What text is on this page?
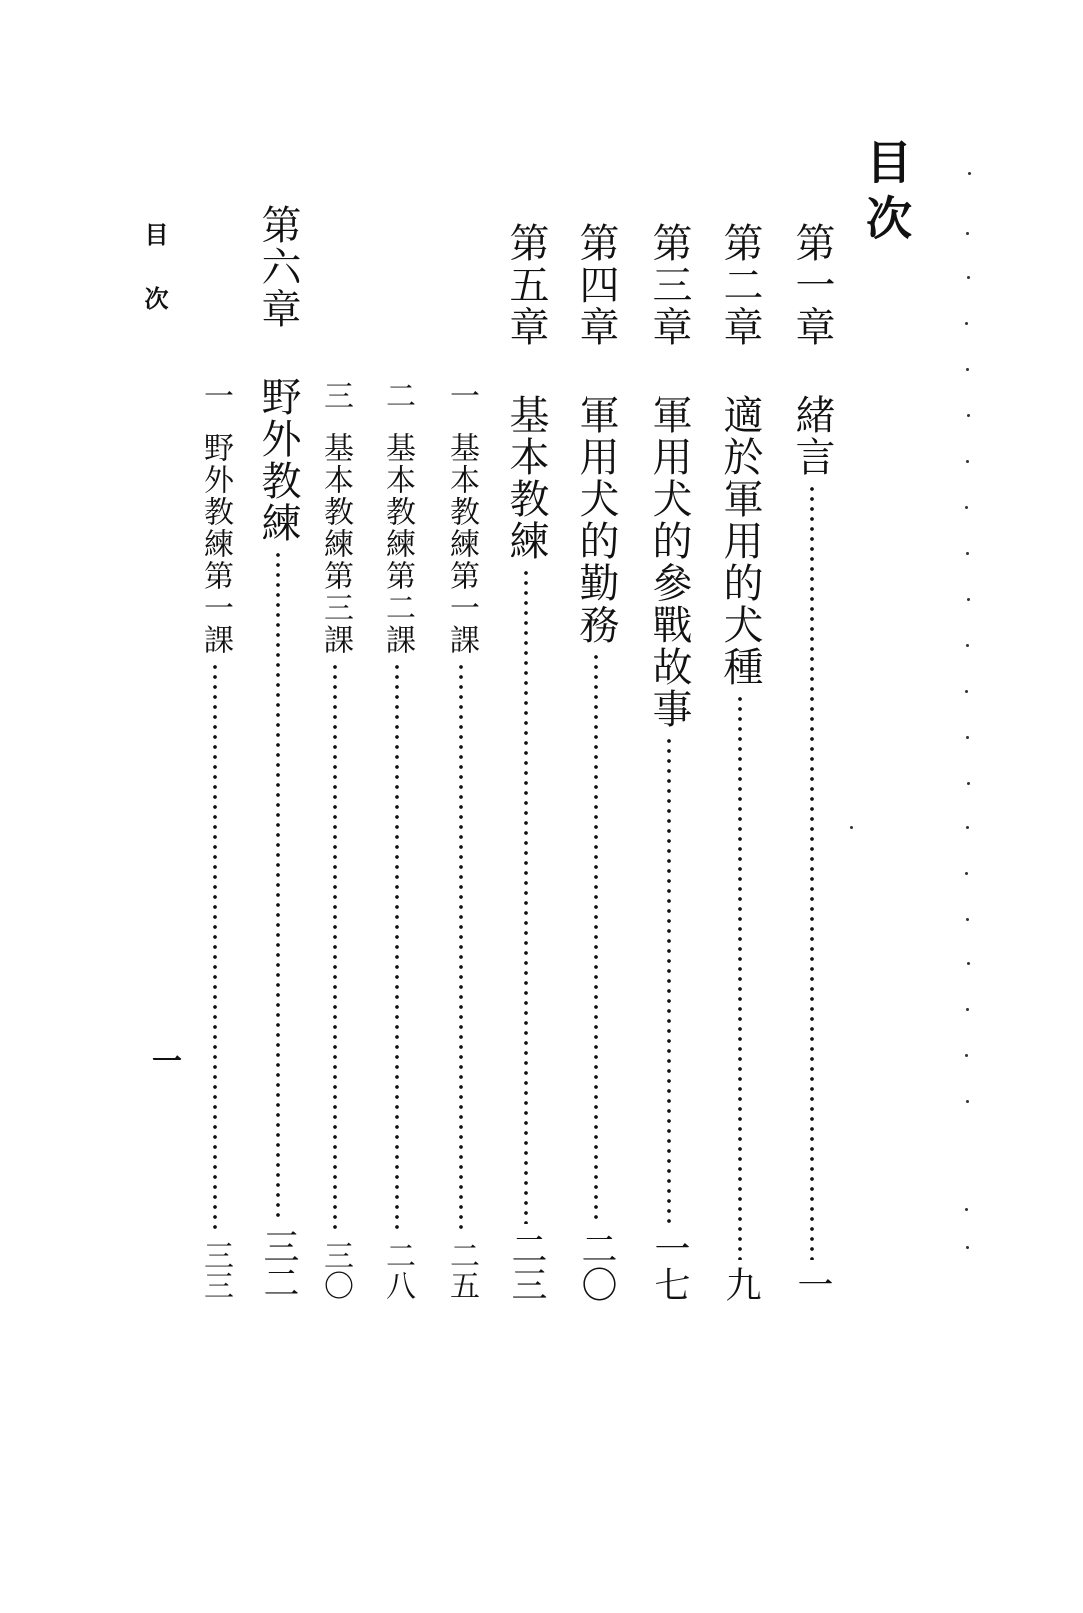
目次
第一章
緒言
一
第二章
適於軍用的犬種
九
第三章
軍用犬的參戰故事
一七
第四章
軍用犬的勤務
二〇
第五章
基本教練
二三
一
基本教練第一課
二五
二
基本教練第二課
二八
三
基本教練第三課
三〇
第六章
野外教練
三二
一
野外教練第一課
三三
目次
一
